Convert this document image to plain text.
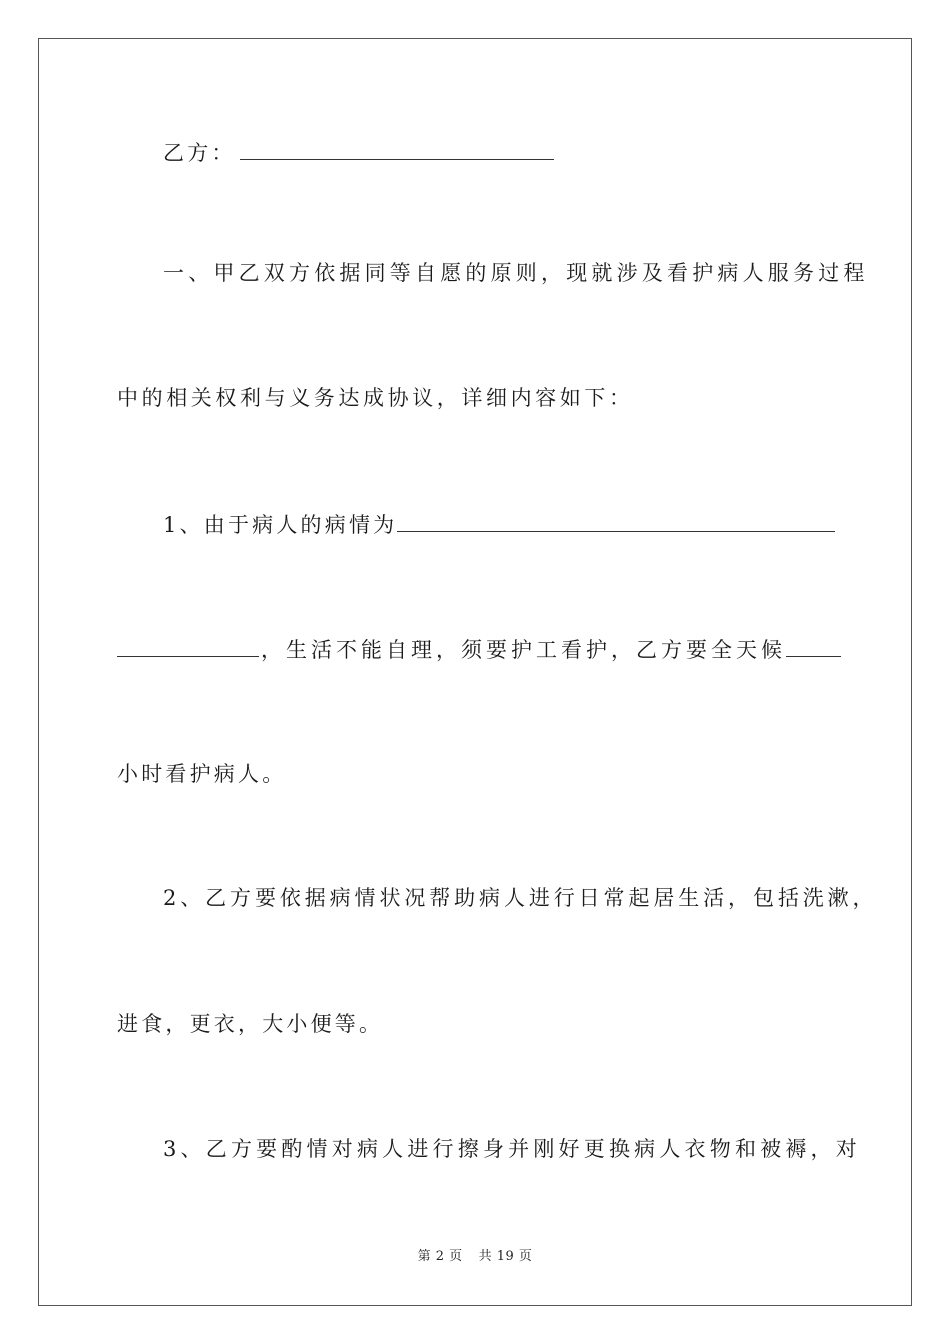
乙方：
一、甲乙双方依据同等自愿的原则，现就涉及看护病人服务过程
中的相关权利与义务达成协议，详细内容如下：
1、由于病人的病情为
，生活不能自理，须要护工看护，乙方要全天候
小时看护病人。
2、乙方要依据病情状况帮助病人进行日常起居生活，包括洗漱，
进食，更衣，大小便等。
3、乙方要酌情对病人进行擦身并刚好更换病人衣物和被褥，对
第 2 页 共 19 页
